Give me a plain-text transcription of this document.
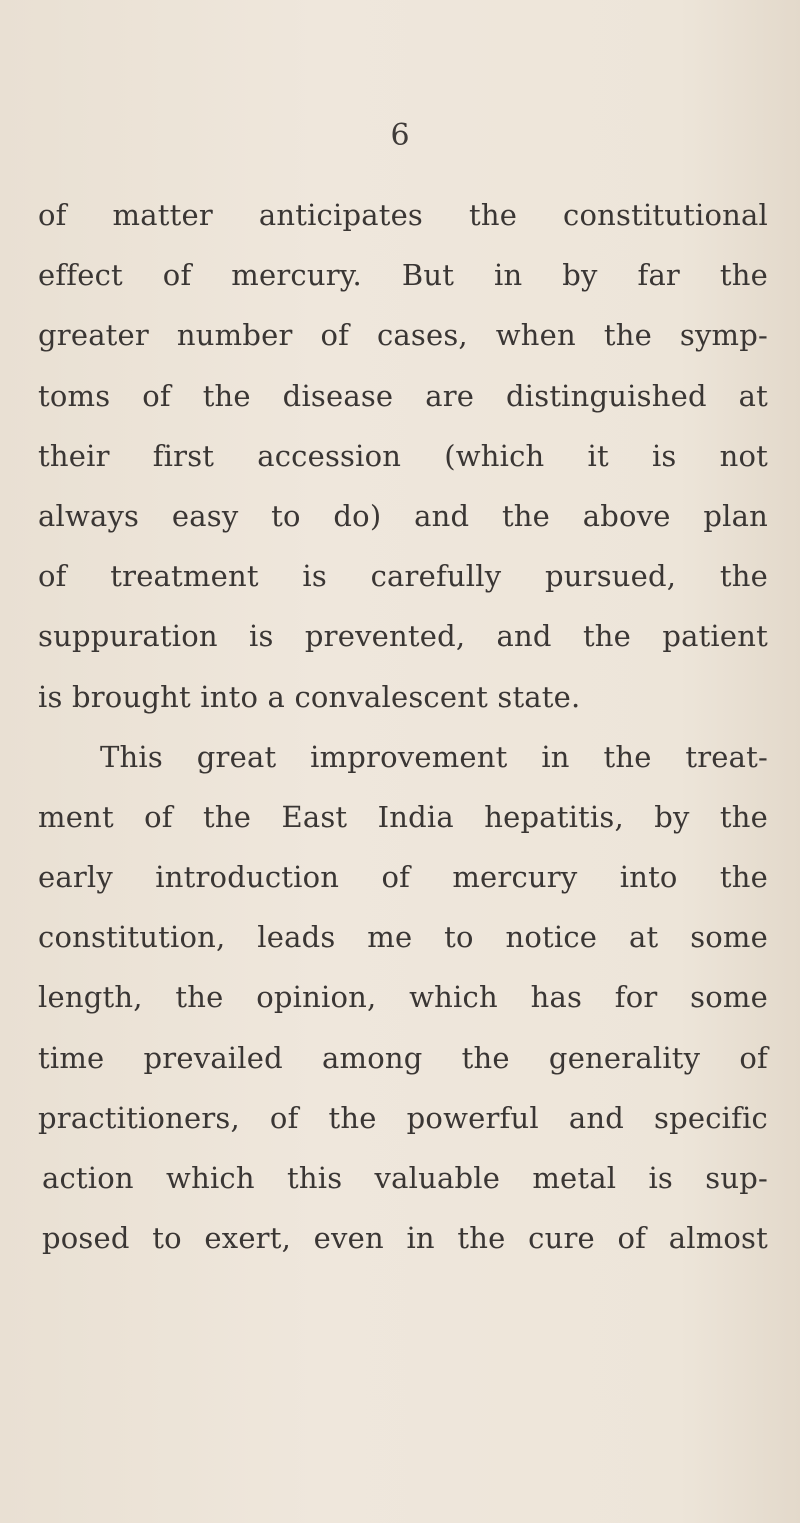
6
of matter anticipates the constitutional
effect of mercury. But in by far the
greater number of cases, when the symp-
toms of the disease are distinguished at
their first accession (which it is not
always easy to do) and the above plan
of treatment is carefully pursued, the
suppuration is prevented, and the patient
is brought into a convalescent state.
This great improvement in the treat-
ment of the East India hepatitis, by the
early introduction of mercury into the
constitution, leads me to notice at some
length, the opinion, which has for some
time prevailed among the generality of
practitioners, of the powerful and specific
action which this valuable metal is sup-
posed to exert, even in the cure of almost
